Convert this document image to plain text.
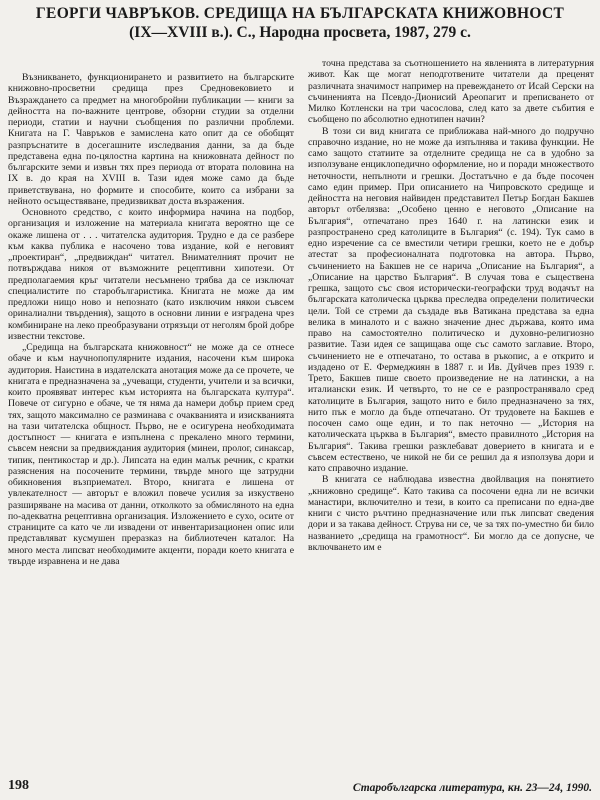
ГЕОРГИ ЧАВРЪКОВ. СРЕДИЩА НА БЪЛГАРСКАТА КНИЖОВНОСТ
(IX—XVIII в.). С., Народна просвета, 1987, 279 с.

Възникването, функционирането и развитието на българските книжовно-просветни средища през Средновековието и Възраждането са предмет на многобройни публикации — книги за дейността на по-важните центрове, обзорни студии за отделни периоди, статии и научни съобщения по различни проблеми. Книгата на Г. Чавръков е замислена като опит да се обобщят разпръснатите в досегашните изследвания данни, за да бъде представена една по-цялостна картина на книжовната дейност по българските земи и извън тях през периода от втората половина на IX в. до края на XVIII в. Тази идея може само да бъде приветствувана, но формите и способите, които са избрани за нейното осъществяване, предизвикват доста възражения.

Основното средство, с които информира начина на подбор, организация и изложение на материала книгата вероятно ще се окаже лишена от . . . читателска аудитория. Трудно е да се разбере към каква публика е насочено това издание, кой е неговият „проектиран“, „предвиждан“ читател. Внимателният прочит не потвърждава никоя от възможните рецептивни хипотези. От предполагаемия кръг читатели несъмнено трябва да се изключат специалистите по старобългаристика. Книгата не може да им предложи нищо ново и непознато (като изключим някои съвсем ориналиални твърдения), защото в основни линии е изградена чрез комбиниране на леко преобразувани отрязъци от неголям брой добре известни текстове.

„Средища на българската книжовност“ не може да се отнесе обаче и към научнопопулярните издания, насочени към широка аудитория. Наистина в издателската анотация може да се прочете, че книгата е предназначена за „учеващи, студенти, учители и за всички, които проявяват интерес към историята на българската култура“. Повече от сигурно е обаче, че тя няма да намери добър прием сред тях, защото максимално се разминава с очакванията и изискванията на тази читателска общност. Първо, не е осигурена необходимата достъпност — книгата е изпълнена с прекалено много термини, съвсем неясни за предвиждания аудитория (минеи, пролог, синаксар, типик, пентикостар и др.). Липсата на един малък речник, с кратки разяснения на посочените термини, твърде много ще затрудни обикновения възприемател. Второ, книгата е лишена от увлекателност — авторът е вложил повече усилия за изкуствено разширяване на масива от данни, отколкото за обмисляното на една по-адекватна рецептивна организация. Изложението е сухо, осите от страниците са като че ли извадени от инвентаризационен опис или представляват кусмушен преразказ на библиотечен каталог. На много места липсват необходимите акценти, поради което книгата е твърде изравнена и не дава

точна представа за съотношението на явленията в литературния живот. Как ще могат неподготвените читатели да преценят различната значимост например на превеждането от Исай Серски на съчиненията на Псевдо-Дионисий Ареопагит и преписването от Милко Котленски на три часослова, след като за двете събития е съобщено по абсолютно еднотипен начин?

В този си вид книгата се приближава най-много до подручно справочно издание, но не може да изпълнява и такива функции. Не само защото статиите за отделните средища не са в удобно за използуване енциклопедично оформление, но и поради множеството неточности, непълноти и грешки. Достатъчно е да бъде посочен само един пример. При описанието на Чипровското средище и дейността на неговия найвиден представител Петър Богдан Бакшев авторът отбелязва: „Особено ценно е неговото „Описание на България“, отпечатано през 1640 г. на латински език и разпространено сред католиците в България“ (с. 194). Тук само в едно изречение са се вместили четири грешки, което не е добър атестат за професионалната подготовка на автора. Първо, съчинението на Бакшев не се нарича „Описание на България“, а „Описание на царство България“. В случая това е съществена грешка, защото със своя исторически-географски труд водачът на българската католическа църква преследва определени политически цели. Той се стреми да създаде във Ватикана представа за една велика в миналото и с важно значение днес държава, която има право на самостоятелно политическо и духовно-религиозно развитие. Тази идея се защищава още със самото заглавие. Второ, съчинението не е отпечатано, то остава в ръкопис, а е открито и издадено от Е. Фермеджиян в 1887 г. и Ив. Дуйчев през 1939 г. Трето, Бакшев пише своето произведение не на латински, а на италиански език. И четвърто, то не се е разпространявало сред католиците в България, защото нито е било предназначено за тях, нито пък е могло да бъде отпечатано. От трудовете на Бакшев е посочен само още един, и то пак неточно — „История на католическата църква в България“, вместо правилното „История на България“. Такива грешки разклебават доверието в книгата и е съвсем естествено, че никой не би се решил да я използува дори и като справочно издание.

В книгата се наблюдава известна двойлвация на понятието „книжовно средище“. Като такива са посочени една ли не всички манастири, включително и тези, в които са преписани по една-две книги с чисто ръчтино предназначение или пък липсват сведения дори и за такава дейност. Струва ни се, че за тях по-уместно би било названието „средища на грамотност“. Би могло да се допусне, че включването им е

198	Старобългарска литература, кн. 23—24, 1990.
